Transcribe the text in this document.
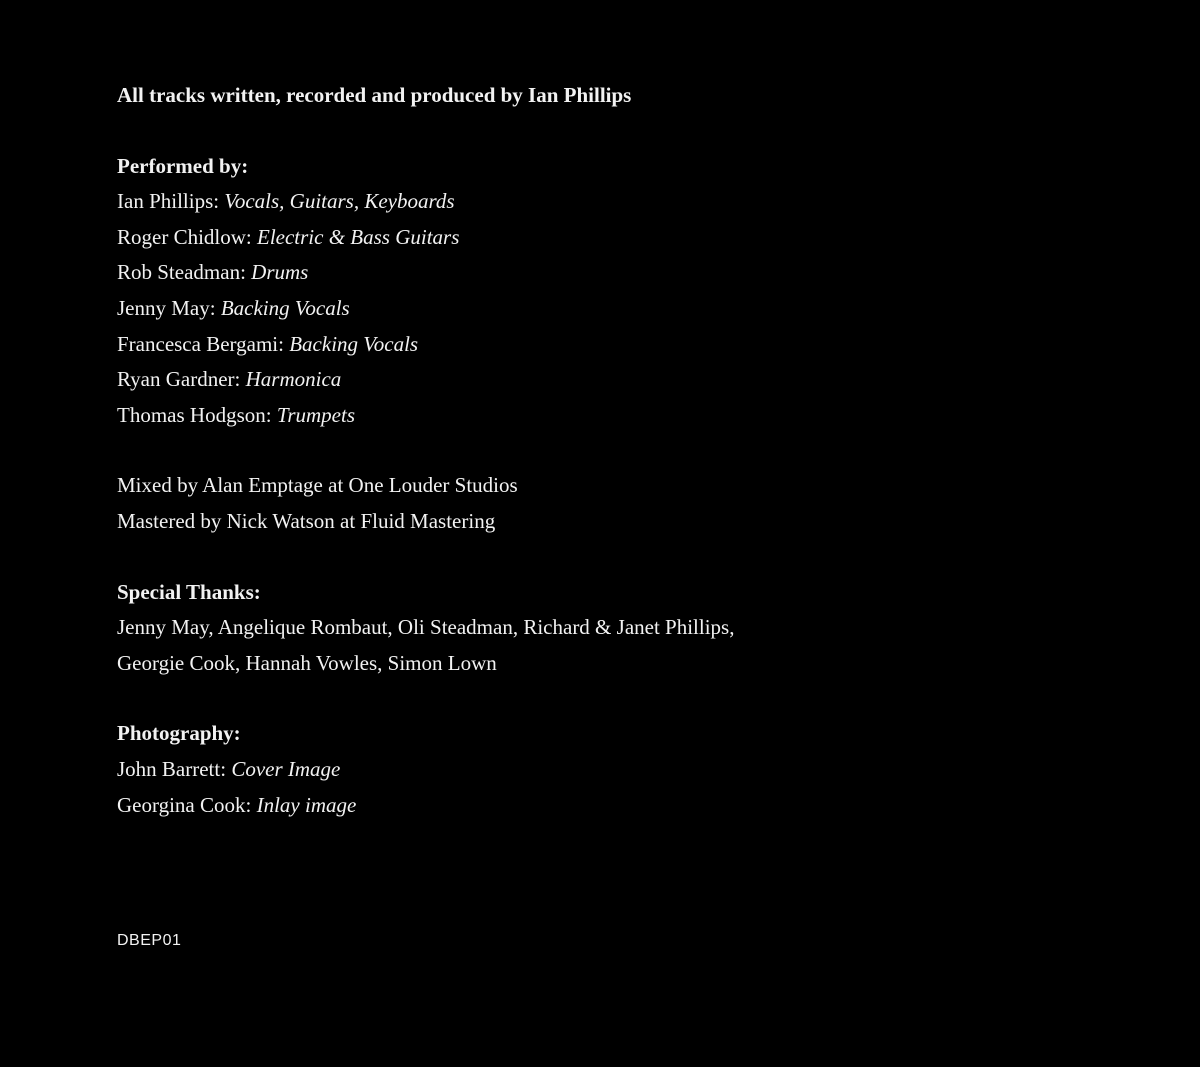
All tracks written, recorded and produced by Ian Phillips
Performed by:
Ian Phillips: Vocals, Guitars, Keyboards
Roger Chidlow: Electric & Bass Guitars
Rob Steadman: Drums
Jenny May: Backing Vocals
Francesca Bergami: Backing Vocals
Ryan Gardner: Harmonica
Thomas Hodgson: Trumpets
Mixed by Alan Emptage at One Louder Studios
Mastered by Nick Watson at Fluid Mastering
Special Thanks:
Jenny May, Angelique Rombaut, Oli Steadman, Richard & Janet Phillips,
Georgie Cook, Hannah Vowles, Simon Lown
Photography:
John Barrett: Cover Image
Georgina Cook: Inlay image
DBEP01
